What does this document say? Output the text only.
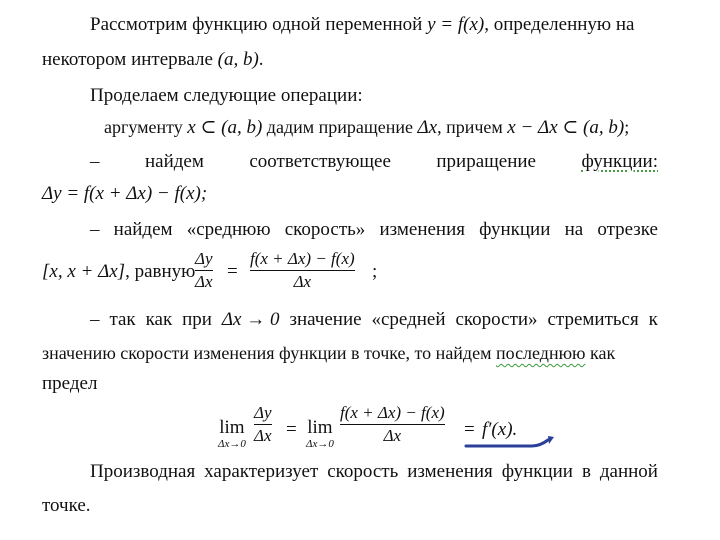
Рассмотрим функцию одной переменной y = f(x), определенную на
некотором интервале (a, b).
Проделаем следующие операции:
аргументу x ⊂ (a, b) дадим приращение Δx, причем x − Δx ⊂ (a, b);
– найдем соответствующее приращение функции:
Δy = f(x + Δx) − f(x);
– найдем «среднюю скорость» изменения функции на отрезке
[x, x + Δx], равную
Δy
Δx =
f(x + Δx) − f(x)
Δx	;
– так как при Δx → 0 значение «средней скорости» стремиться к
значению скорости изменения функции в точке, то найдем последнюю как
предел
lim
Δx→0
Δy
Δx = lim
Δx→0
f(x + Δx) − f(x)
Δx	= f′(x).
Производная характеризует скорость изменения функции в данной
точке.
